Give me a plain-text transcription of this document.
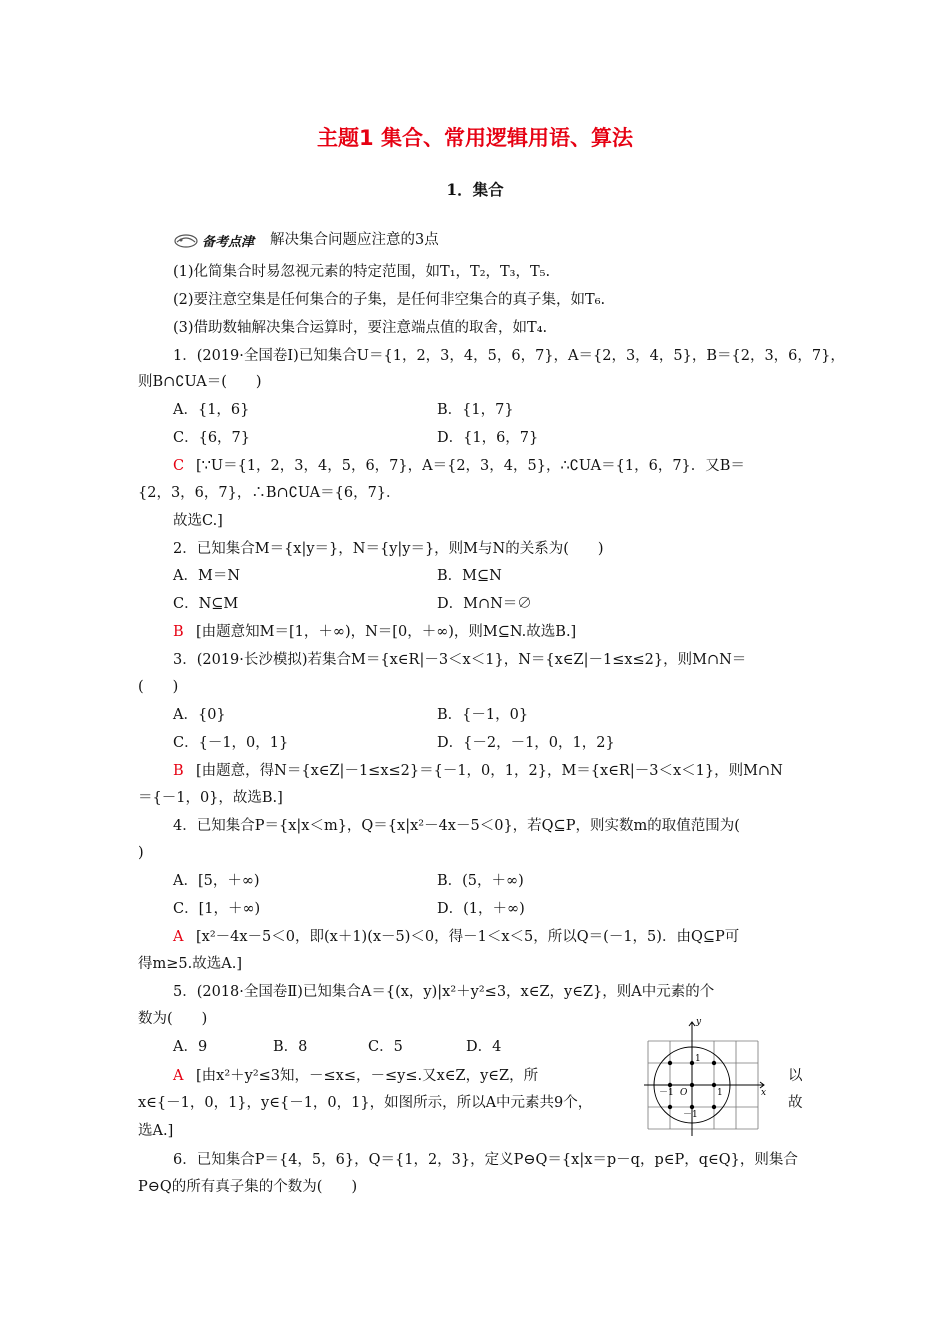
主题1 集合、常用逻辑用语、算法
1．集合
备考点津 解决集合问题应注意的3点
(1)化简集合时易忽视元素的特定范围，如T₁，T₂，T₃，T₅.
(2)要注意空集是任何集合的子集，是任何非空集合的真子集，如T₆.
(3)借助数轴解决集合运算时，要注意端点值的取舍，如T₄.
1．(2019·全国卷Ⅰ)已知集合U＝{1，2，3，4，5，6，7}，A＝{2，3，4，5}，B＝{2，3，6，7}，
则B∩∁UA＝(　　)
A．{1，6}	B．{1，7}
C．{6，7}	D．{1，6，7}
C [∵U＝{1，2，3，4，5，6，7}，A＝{2，3，4，5}，∴∁UA＝{1，6，7}．又B＝
{2，3，6，7}，∴B∩∁UA＝{6，7}．
故选C.]
2．已知集合M＝{x|y＝}，N＝{y|y＝}，则M与N的关系为(　　)
A．M＝N	B．M⊆N
C．N⊆M	D．M∩N＝∅
B [由题意知M＝[1，＋∞)，N＝[0，＋∞)，则M⊆N.故选B.]
3．(2019·长沙模拟)若集合M＝{x∈R|－3＜x＜1}，N＝{x∈Z|－1≤x≤2}，则M∩N＝
(　　)
A．{0}	B．{－1，0}
C．{－1，0，1}	D．{－2，－1，0，1，2}
B [由题意，得N＝{x∈Z|－1≤x≤2}＝{－1，0，1，2}，M＝{x∈R|－3＜x＜1}，则M∩N
＝{－1，0}，故选B.]
4．已知集合P＝{x|x＜m}，Q＝{x|x²－4x－5＜0}，若Q⊆P，则实数m的取值范围为(
)
A．[5，＋∞)	B．(5，＋∞)
C．[1，＋∞)	D．(1，＋∞)
A [x²－4x－5＜0，即(x＋1)(x－5)＜0，得－1＜x＜5，所以Q＝(－1，5)．由Q⊆P可
得m≥5.故选A.]
5．(2018·全国卷Ⅱ)已知集合A＝{(x，y)|x²＋y²≤3，x∈Z，y∈Z}，则A中元素的个
数为(　　)
A．9	B．8	C．5	D．4
A [由x²＋y²≤3知，－≤x≤，－≤y≤.又x∈Z，y∈Z，所	以
x∈{－1，0，1}，y∈{－1，0，1}，如图所示，所以A中元素共9个，	故
选A.]
y
x
O
1
1
－1
－1
6．已知集合P＝{4，5，6}，Q＝{1，2，3}，定义P⊖Q＝{x|x＝p－q，p∈P，q∈Q}，则集合
P⊖Q的所有真子集的个数为(　　)
